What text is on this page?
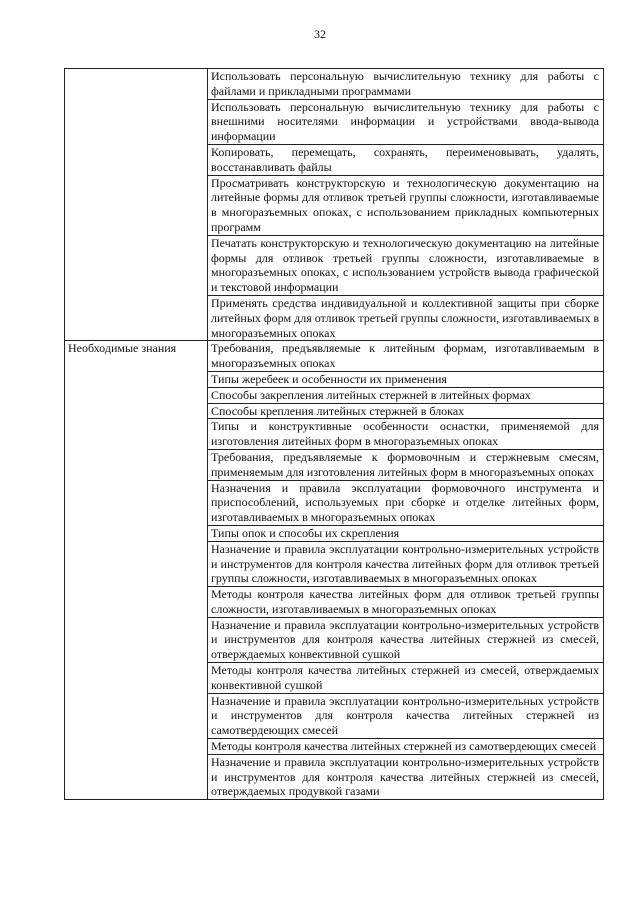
32
	Использовать персональную вычислительную технику для работы с файлами и прикладными программами
	Использовать персональную вычислительную технику для работы с внешними носителями информации и устройствами ввода-вывода информации
	Копировать, перемещать, сохранять, переименовывать, удалять, восстанавливать файлы
	Просматривать конструкторскую и технологическую документацию на литейные формы для отливок третьей группы сложности, изготавливаемые в многоразъемных опоках, с использованием прикладных компьютерных программ
	Печатать конструкторскую и технологическую документацию на литейные формы для отливок третьей группы сложности, изготавливаемые в многоразъемных опоках, с использованием устройств вывода графической и текстовой информации
	Применять средства индивидуальной и коллективной защиты при сборке литейных форм для отливок третьей группы сложности, изготавливаемых в многоразъемных опоках
Необходимые знания	Требования, предъявляемые к литейным формам, изготавливаемым в многоразъемных опоках
	Типы жеребеек и особенности их применения
	Способы закрепления литейных стержней в литейных формах
	Способы крепления литейных стержней в блоках
	Типы и конструктивные особенности оснастки, применяемой для изготовления литейных форм в многоразъемных опоках
	Требования, предъявляемые к формовочным и стержневым смесям, применяемым для изготовления литейных форм в многоразъемных опоках
	Назначения и правила эксплуатации формовочного инструмента и приспособлений, используемых при сборке и отделке литейных форм, изготавливаемых в многоразъемных опоках
	Типы опок и способы их скрепления
	Назначение и правила эксплуатации контрольно-измерительных устройств и инструментов для контроля качества литейных форм для отливок третьей группы сложности, изготавливаемых в многоразъемных опоках
	Методы контроля качества литейных форм для отливок третьей группы сложности, изготавливаемых в многоразъемных опоках
	Назначение и правила эксплуатации контрольно-измерительных устройств и инструментов для контроля качества литейных стержней из смесей, отверждаемых конвективной сушкой
	Методы контроля качества литейных стержней из смесей, отверждаемых конвективной сушкой
	Назначение и правила эксплуатации контрольно-измерительных устройств и инструментов для контроля качества литейных стержней из самотвердеющих смесей
	Методы контроля качества литейных стержней из самотвердеющих смесей
	Назначение и правила эксплуатации контрольно-измерительных устройств и инструментов для контроля качества литейных стержней из смесей, отверждаемых продувкой газами
